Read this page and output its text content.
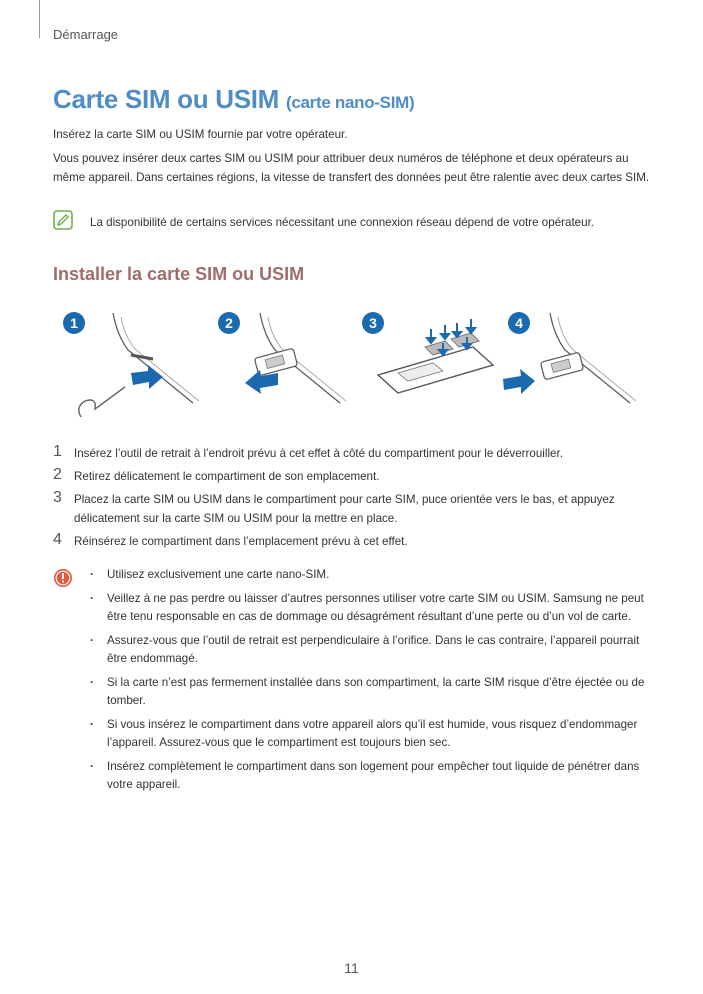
Démarrage
Carte SIM ou USIM (carte nano-SIM)

Insérez la carte SIM ou USIM fournie par votre opérateur.

Vous pouvez insérer deux cartes SIM ou USIM pour attribuer deux numéros de téléphone et deux opérateurs au même appareil. Dans certaines régions, la vitesse de transfert des données peut être ralentie avec deux cartes SIM.

La disponibilité de certains services nécessitant une connexion réseau dépend de votre opérateur.

Installer la carte SIM ou USIM
1	2	3	4
1 Insérez l’outil de retrait à l’endroit prévu à cet effet à côté du compartiment pour le déverrouiller.
2 Retirez délicatement le compartiment de son emplacement.
3 Placez la carte SIM ou USIM dans le compartiment pour carte SIM, puce orientée vers le bas, et appuyez délicatement sur la carte SIM ou USIM pour la mettre en place.
4 Réinsérez le compartiment dans l’emplacement prévu à cet effet.
· Utilisez exclusivement une carte nano-SIM.
· Veillez à ne pas perdre ou laisser d’autres personnes utiliser votre carte SIM ou USIM. Samsung ne peut être tenu responsable en cas de dommage ou désagrément résultant d’une perte ou d’un vol de carte.
· Assurez-vous que l’outil de retrait est perpendiculaire à l’orifice. Dans le cas contraire, l’appareil pourrait être endommagé.
· Si la carte n’est pas fermement installée dans son compartiment, la carte SIM risque d’être éjectée ou de tomber.
· Si vous insérez le compartiment dans votre appareil alors qu’il est humide, vous risquez d’endommager l’appareil. Assurez-vous que le compartiment est toujours bien sec.
· Insérez complètement le compartiment dans son logement pour empêcher tout liquide de pénétrer dans votre appareil.
11
